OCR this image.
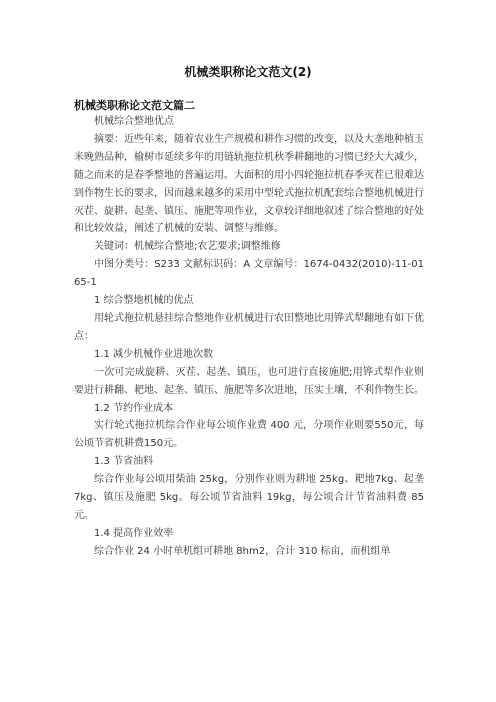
机械类职称论文范文(2)
机械类职称论文范文篇二

机械综合整地优点

摘要：近些年来，随着农业生产规模和耕作习惯的改变，以及大垄地种植玉米晚熟品种，榆树市延续多年的用链轨拖拉机秋季耕翻地的习惯已经大大减少，随之而来的是春季整地的普遍运用。大面积的用小四轮拖拉机春季灭茬已很难达到作物生长的要求，因而越来越多的采用中型轮式拖拉机配套综合整地机械进行灭茬、旋耕、起垄、镇压、施肥等项作业，文章较详细地叙述了综合整地的好处和比较效益，阐述了机械的安装、调整与维修。

关键词：机械综合整地;农艺要求;调整维修

中图分类号：S233 文献标识码：A 文章编号：1674-0432(2010)-11-0165-1

1 综合整地机械的优点

用轮式拖拉机悬挂综合整地作业机械进行农田整地比用铧式犁翻地有如下优点：

1.1 减少机械作业进地次数

一次可完成旋耕、灭茬、起垄、镇压，也可进行直接施肥;用铧式犁作业则要进行耕翻、耙地、起垄、镇压、施肥等多次进地，压实土壤，不利作物生长。

1.2 节约作业成本

实行轮式拖拉机综合作业每公顷作业费 400 元，分项作业则要550元，每公顷节省机耕费150元。

1.3 节省油料

综合作业每公顷用柴油 25kg，分别作业则为耕地 25kg、耙地7kg、起垄 7kg、镇压及施肥 5kg。每公顷节省油料 19kg，每公顷合计节省油料费 85 元。

1.4 提高作业效率

综合作业 24 小时单机组可耕地 8hm2，合计 310 标亩，而机组单
